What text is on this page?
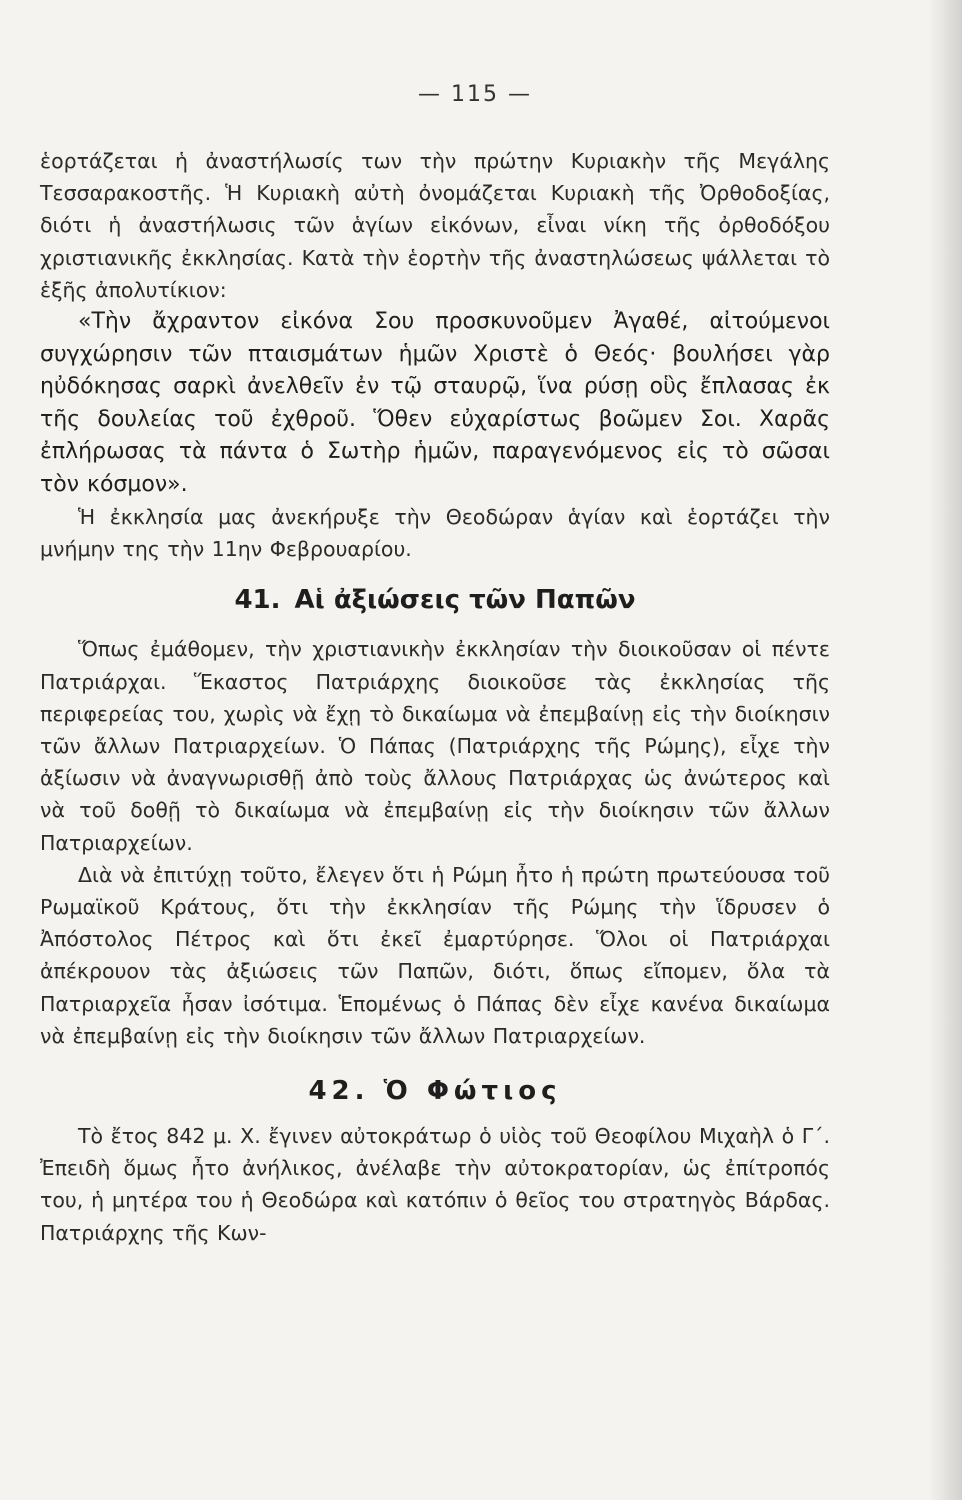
— 115 —

ἑορτάζεται ἡ ἀναστήλωσίς των τὴν πρώτην Κυριακὴν τῆς Μεγάλης Τεσσαρακοστῆς. Ἡ Κυριακὴ αὐτὴ ὀνομάζεται Κυριακὴ τῆς Ὀρθοδοξίας, διότι ἡ ἀναστήλωσις τῶν ἁγίων εἰκόνων, εἶναι νίκη τῆς ὀρθοδόξου χριστιανικῆς ἐκκλησίας. Κατὰ τὴν ἑορτὴν τῆς ἀναστηλώσεως ψάλλεται τὸ ἑξῆς ἀπολυτίκιον:

«Τὴν ἄχραντον εἰκόνα Σου προσκυνοῦμεν Ἀγαθέ, αἰτούμενοι συγχώρησιν τῶν πταισμάτων ἡμῶν Χριστὲ ὁ Θεός· βουλήσει γὰρ ηὐδόκησας σαρκὶ ἀνελθεῖν ἐν τῷ σταυρῷ, ἵνα ρύσῃ οὓς ἔπλασας ἐκ τῆς δουλείας τοῦ ἐχθροῦ. Ὅθεν εὐχαρίστως βοῶμεν Σοι. Χαρᾶς ἐπλήρωσας τὰ πάντα ὁ Σωτὴρ ἡμῶν, παραγενόμενος εἰς τὸ σῶσαι τὸν κόσμον».

Ἡ ἐκκλησία μας ἀνεκήρυξε τὴν Θεοδώραν ἁγίαν καὶ ἑορτάζει τὴν μνήμην της τὴν 11ην Φεβρουαρίου.

41. Αἱ ἀξιώσεις τῶν Παπῶν

Ὅπως ἐμάθομεν, τὴν χριστιανικὴν ἐκκλησίαν τὴν διοικοῦσαν οἱ πέντε Πατριάρχαι. Ἕκαστος Πατριάρχης διοικοῦσε τὰς ἐκκλησίας τῆς περιφερείας του, χωρὶς νὰ ἔχῃ τὸ δικαίωμα νὰ ἐπεμβαίνῃ εἰς τὴν διοίκησιν τῶν ἄλλων Πατριαρχείων. Ὁ Πάπας (Πατριάρχης τῆς Ρώμης), εἶχε τὴν ἀξίωσιν νὰ ἀναγνωρισθῇ ἀπὸ τοὺς ἄλλους Πατριάρχας ὡς ἀνώτερος καὶ νὰ τοῦ δοθῇ τὸ δικαίωμα νὰ ἐπεμβαίνῃ εἰς τὴν διοίκησιν τῶν ἄλλων Πατριαρχείων.

Διὰ νὰ ἐπιτύχῃ τοῦτο, ἔλεγεν ὅτι ἡ Ρώμη ἦτο ἡ πρώτη πρωτεύουσα τοῦ Ρωμαϊκοῦ Κράτους, ὅτι τὴν ἐκκλησίαν τῆς Ρώμης τὴν ἵδρυσεν ὁ Ἀπόστολος Πέτρος καὶ ὅτι ἐκεῖ ἐμαρτύρησε. Ὅλοι οἱ Πατριάρχαι ἀπέκρουον τὰς ἀξιώσεις τῶν Παπῶν, διότι, ὅπως εἴπομεν, ὅλα τὰ Πατριαρχεῖα ἦσαν ἰσότιμα. Ἑπομένως ὁ Πάπας δὲν εἶχε κανένα δικαίωμα νὰ ἐπεμβαίνῃ εἰς τὴν διοίκησιν τῶν ἄλλων Πατριαρχείων.

42. Ὁ Φώτιος

Τὸ ἔτος 842 μ. Χ. ἔγινεν αὐτοκράτωρ ὁ υἱὸς τοῦ Θεοφίλου Μιχαὴλ ὁ Γ΄. Ἐπειδὴ ὅμως ἦτο ἀνήλικος, ἀνέλαβε τὴν αὐτοκρατορίαν, ὡς ἐπίτροπός του, ἡ μητέρα του ἡ Θεοδώρα καὶ κατόπιν ὁ θεῖος του στρατηγὸς Βάρδας. Πατριάρχης τῆς Κων-
